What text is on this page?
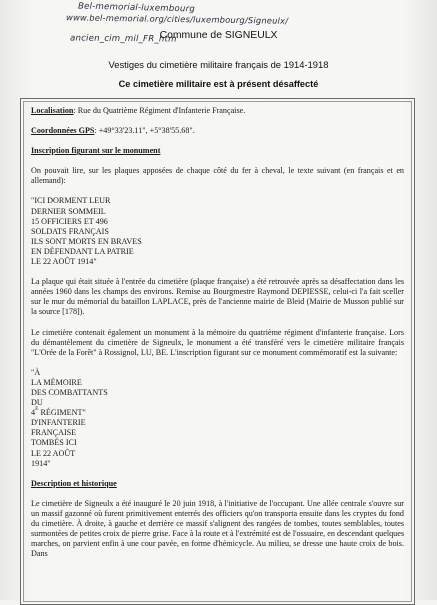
Bel-memorial-luxembourg
www.bel-memorial.org/cities/luxembourg/Signeulx/
ancien_cim_mil_FR_htm
Commune de SIGNEULX
Vestiges du cimetière militaire français de 1914-1918
Ce cimetière militaire est à présent désaffecté

Localisation: Rue du Quatrième Régiment d'Infanterie Française.

Coordonnées GPS: +49°33'23.11", +5°38'55.68".

Inscription figurant sur le monument

On pouvait lire, sur les plaques apposées de chaque côté du fer à cheval, le texte suivant (en français et en allemand):

"ICI DORMENT LEUR
DERNIER SOMMEIL
15 OFFICIERS ET 496
SOLDATS FRANÇAIS
ILS SONT MORTS EN BRAVES
EN DÉFENDANT LA PATRIE
LE 22 AOÛT 1914"

La plaque qui était située à l'entrée du cimetière (plaque française) a été retrouvée après sa désaffectation dans les années 1960 dans les champs des environs. Remise au Bourgmestre Raymond DEPIESSE, celui-ci l'a fait sceller sur le mur du mémorial du bataillon LAPLACE, près de l'ancienne mairie de Bleid (Mairie de Musson publié sur la source [178]).

Le cimetière contenait également un monument à la mémoire du quatrième régiment d'infanterie française. Lors du démantèlement du cimetière de Signeulx, le monument a été transféré vers le cimetière militaire français "L'Orée de la Forêt" à Rossignol, LU, BE. L'inscription figurant sur ce monument commémoratif est la suivante:

"À
LA MÉMOIRE
DES COMBATTANTS
DU
$4^E$ RÉGIMENT"
D'INFANTERIE
FRANÇAISE
TOMBÉS ICI
LE 22 AOÛT
1914"

Description et historique

Le cimetière de Signeulx a été inauguré le 20 juin 1918, à l'initiative de l'occupant. Une allée centrale s'ouvre sur un massif gazonné où furent primitivement enterrés des officiers qu'on transporta ensuite dans les cryptes du fond du cimetière. À droite, à gauche et derrière ce massif s'alignent des rangées de tombes, toutes semblables, toutes surmontées de petites croix de pierre grise. Face à la route et à l'extrémité est de l'ossuaire, en descendant quelques marches, on parvient enfin à une cour pavée, en forme d'hémicycle. Au milieu, se dresse une haute croix de bois. Dans
